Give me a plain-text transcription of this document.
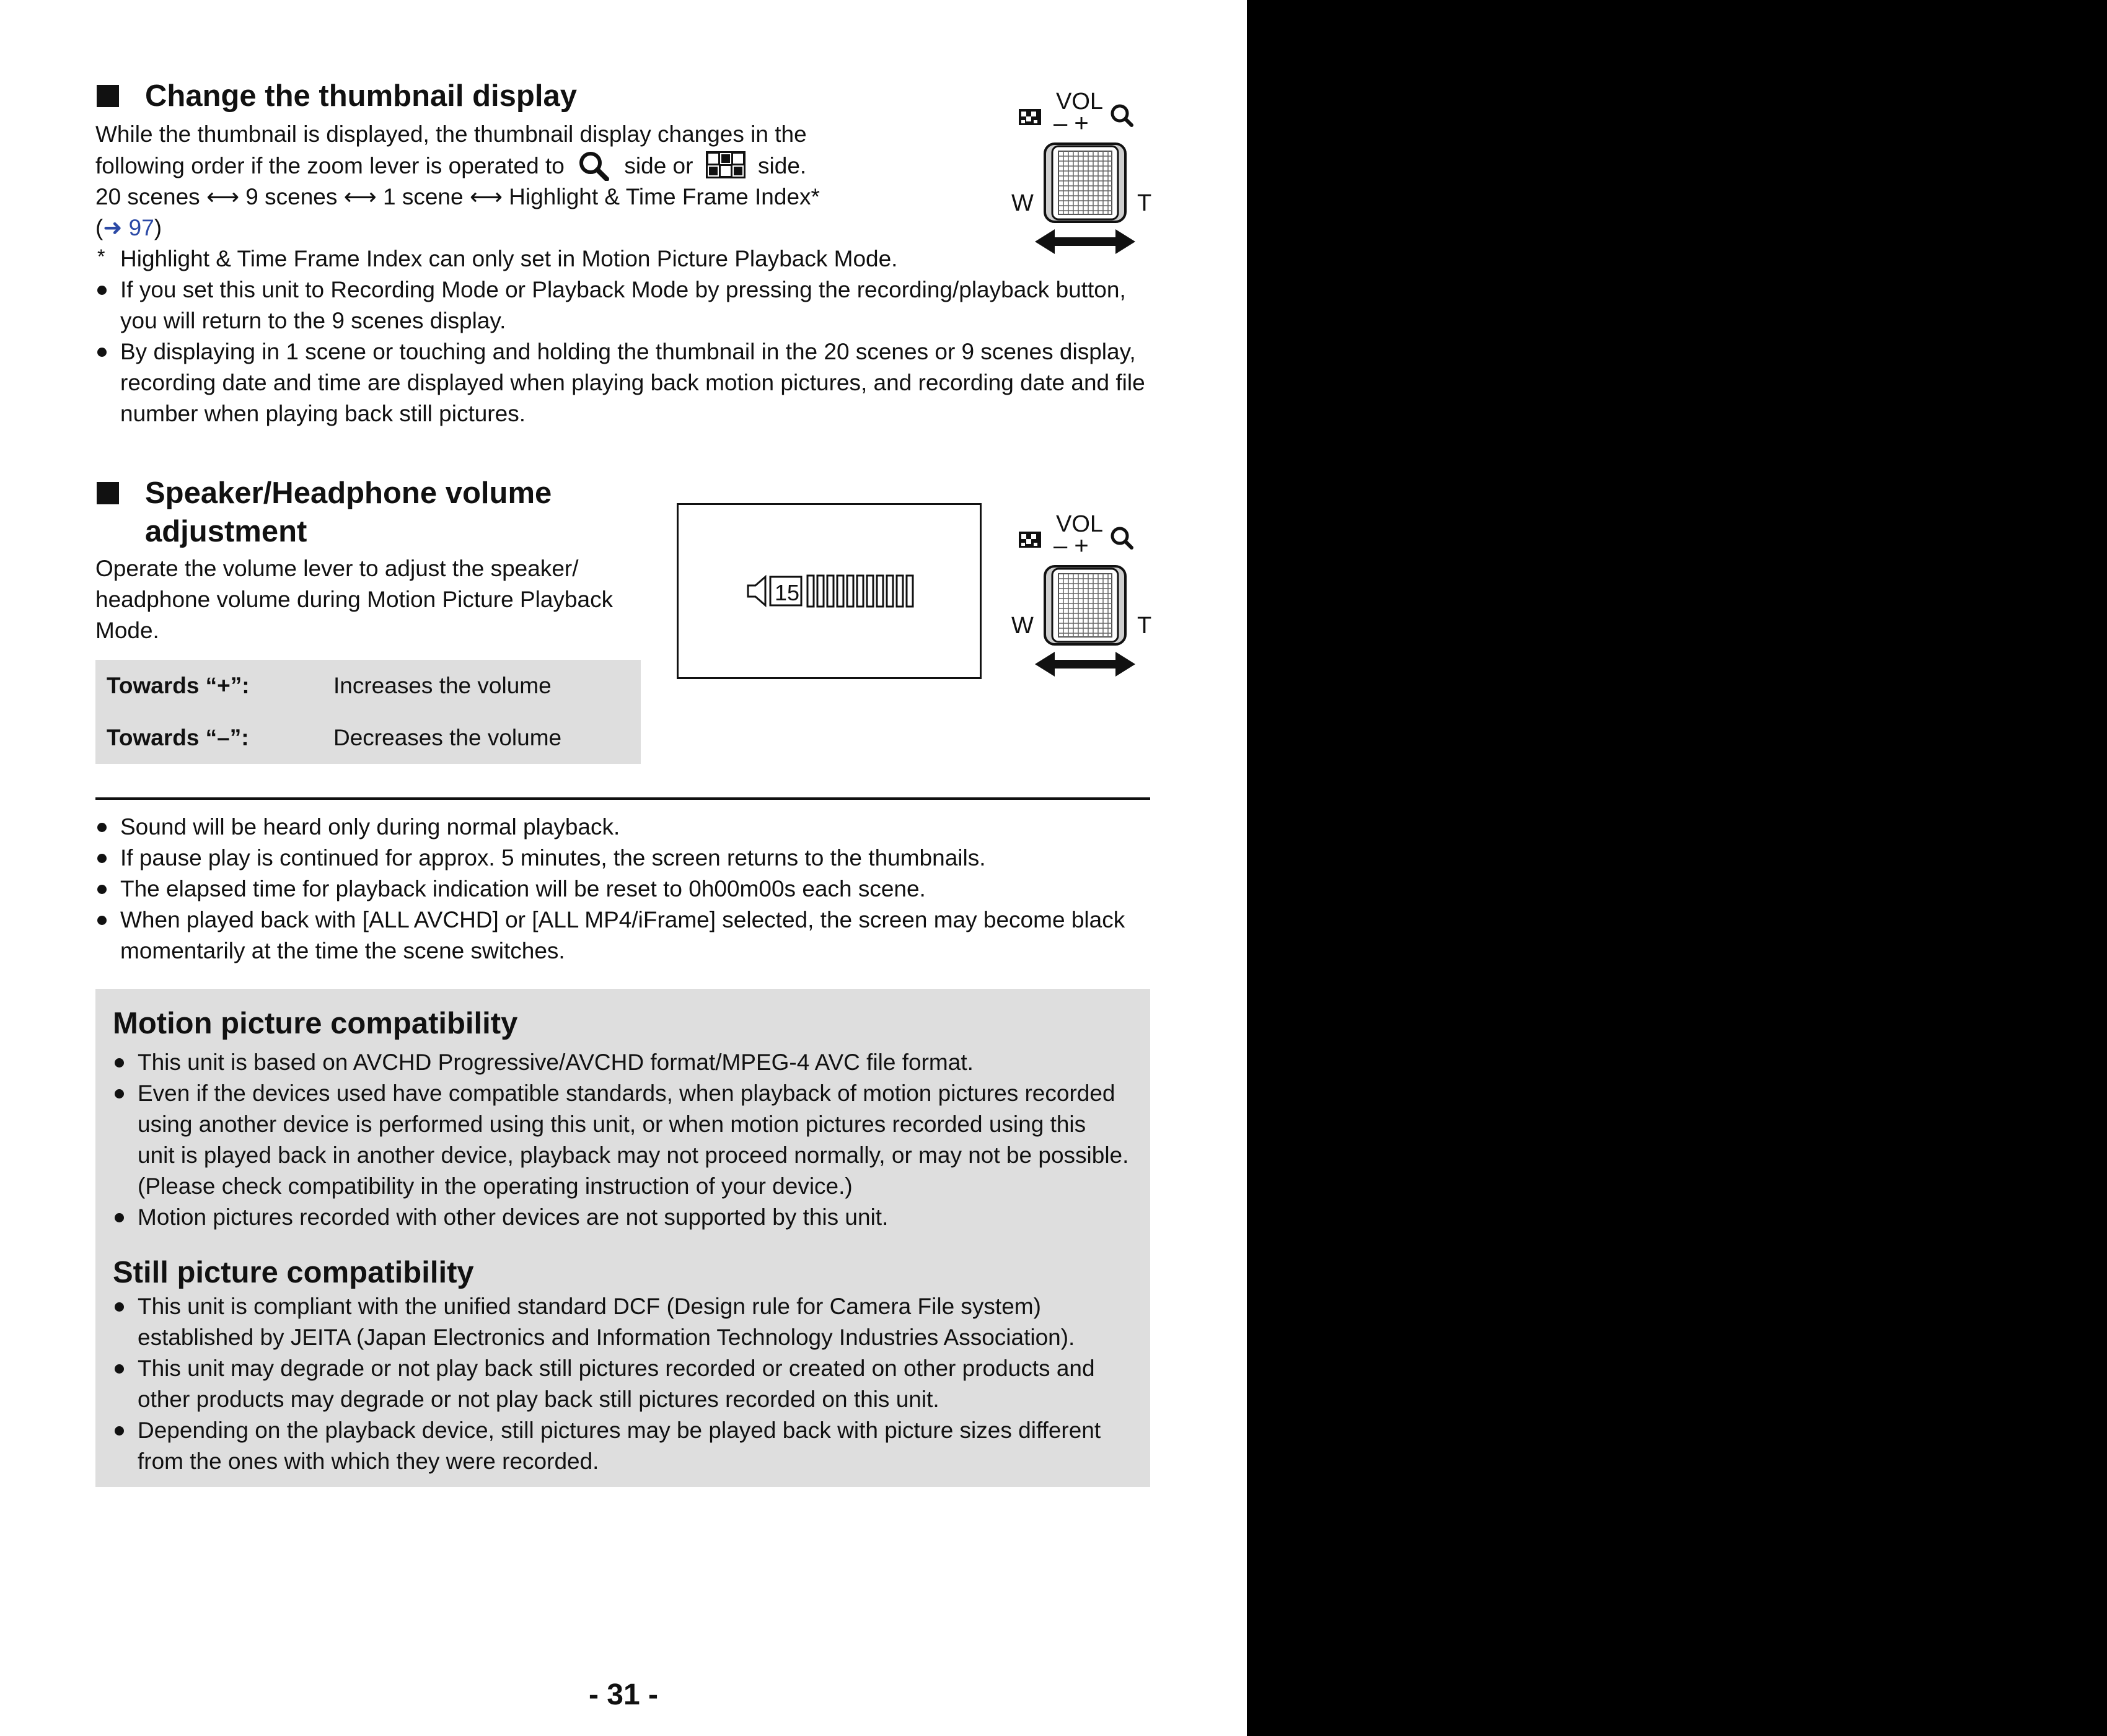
Change the thumbnail display

While the thumbnail is displayed, the thumbnail display changes in the

following order if the zoom lever is operated to	side or	side.

20 scenes ⟷ 9 scenes ⟷ 1 scene ⟷ Highlight & Time Frame Index*

(➜ 97)

* Highlight & Time Frame Index can only set in Motion Picture Playback Mode.

If you set this unit to Recording Mode or Playback Mode by pressing the recording/playback button, you will return to the 9 scenes display.
By displaying in 1 scene or touching and holding the thumbnail in the 20 scenes or 9 scenes display, recording date and time are displayed when playing back motion pictures, and recording date and file number when playing back still pictures.
VOL
– +
W	T
Speaker/Headphone volume
adjustment

Operate the volume lever to adjust the speaker/ headphone volume during Motion Picture Playback Mode.

Towards “+”:	Increases the volume
Towards “–”:	Decreases the volume
15
VOL
– +
W	T
Sound will be heard only during normal playback.
If pause play is continued for approx. 5 minutes, the screen returns to the thumbnails.
The elapsed time for playback indication will be reset to 0h00m00s each scene.
When played back with [ALL AVCHD] or [ALL MP4/iFrame] selected, the screen may become black momentarily at the time the scene switches.
Motion picture compatibility
This unit is based on AVCHD Progressive/AVCHD format/MPEG-4 AVC file format.
Even if the devices used have compatible standards, when playback of motion pictures recorded using another device is performed using this unit, or when motion pictures recorded using this unit is played back in another device, playback may not proceed normally, or may not be possible. (Please check compatibility in the operating instruction of your device.)
Motion pictures recorded with other devices are not supported by this unit.
Still picture compatibility
This unit is compliant with the unified standard DCF (Design rule for Camera File system) established by JEITA (Japan Electronics and Information Technology Industries Association).
This unit may degrade or not play back still pictures recorded or created on other products and other products may degrade or not play back still pictures recorded on this unit.
Depending on the playback device, still pictures may be played back with picture sizes different from the ones with which they were recorded.
- 31 -
